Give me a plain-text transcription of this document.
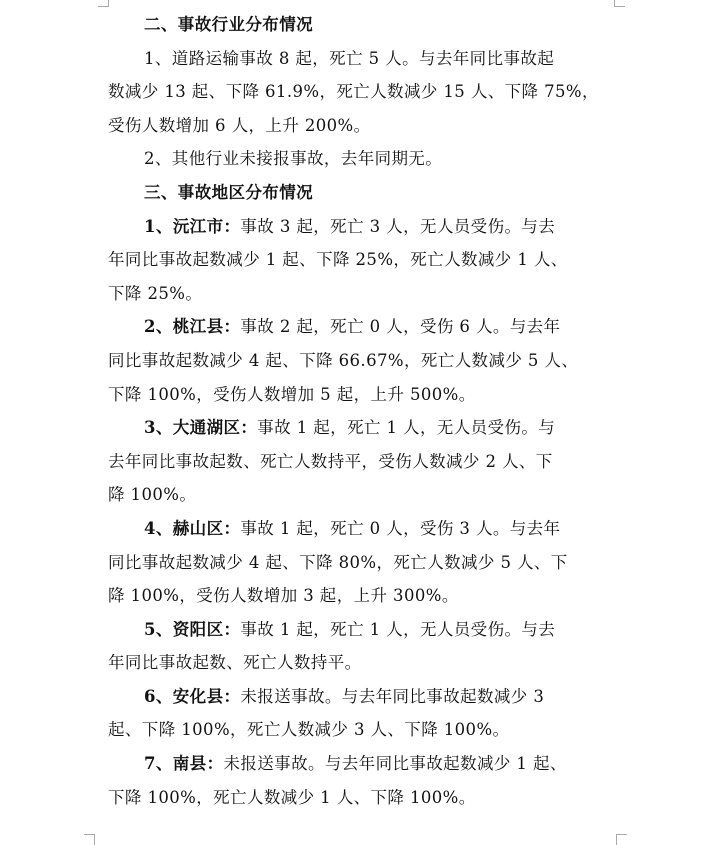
二、事故行业分布情况
1、道路运输事故 8 起，死亡 5 人。与去年同比事故起
数减少 13 起、下降 61.9%，死亡人数减少 15 人、下降 75%，
受伤人数增加 6 人，上升 200%。
2、其他行业未接报事故，去年同期无。
三、事故地区分布情况
1、沅江市：事故 3 起，死亡 3 人，无人员受伤。与去
年同比事故起数减少 1 起、下降 25%，死亡人数减少 1 人、
下降 25%。
2、桃江县：事故 2 起，死亡 0 人，受伤 6 人。与去年
同比事故起数减少 4 起、下降 66.67%，死亡人数减少 5 人、
下降 100%，受伤人数增加 5 起，上升 500%。
3、大通湖区：事故 1 起，死亡 1 人，无人员受伤。与
去年同比事故起数、死亡人数持平，受伤人数减少 2 人、下
降 100%。
4、赫山区：事故 1 起，死亡 0 人，受伤 3 人。与去年
同比事故起数减少 4 起、下降 80%，死亡人数减少 5 人、下
降 100%，受伤人数增加 3 起，上升 300%。
5、资阳区：事故 1 起，死亡 1 人，无人员受伤。与去
年同比事故起数、死亡人数持平。
6、安化县：未报送事故。与去年同比事故起数减少 3
起、下降 100%，死亡人数减少 3 人、下降 100%。
7、南县：未报送事故。与去年同比事故起数减少 1 起、
下降 100%，死亡人数减少 1 人、下降 100%。
